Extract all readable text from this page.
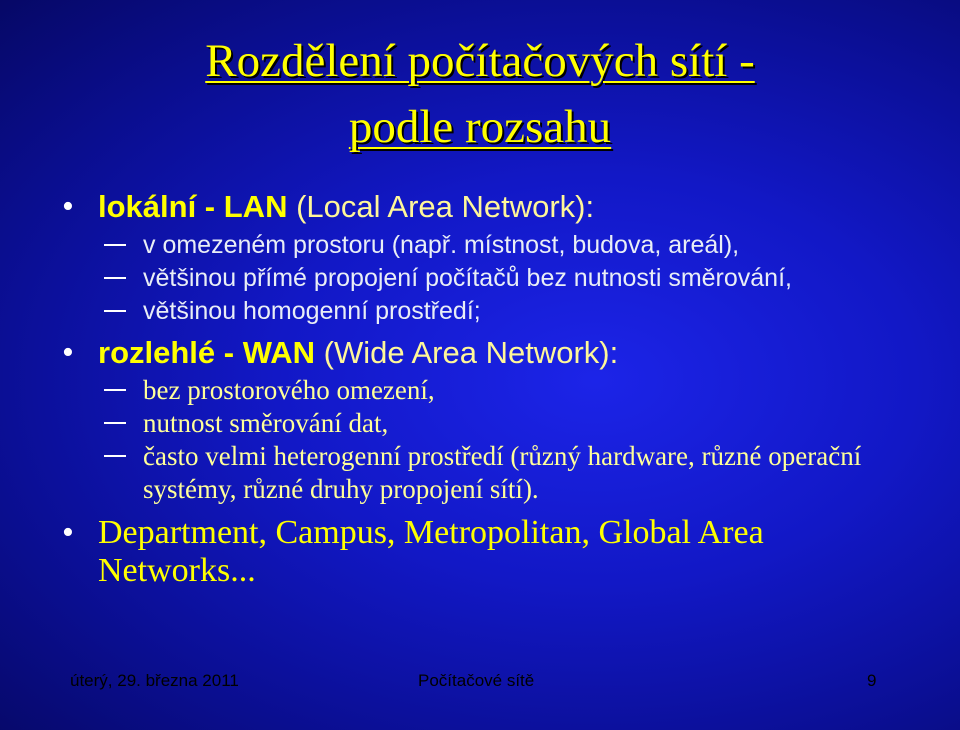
Rozdělení počítačových sítí -
podle rozsahu
• lokální - LAN (Local Area Network):
v omezeném prostoru (např. místnost, budova, areál),
většinou přímé propojení počítačů bez nutnosti směrování,
většinou homogenní prostředí;
• rozlehlé - WAN (Wide Area Network):
bez prostorového omezení,
nutnost směrování dat,
často velmi heterogenní prostředí (různý hardware, různé operační systémy, různé druhy propojení sítí).
• Department, Campus, Metropolitan, Global Area Networks...
úterý, 29. března 2011	Počítačové sítě	9
